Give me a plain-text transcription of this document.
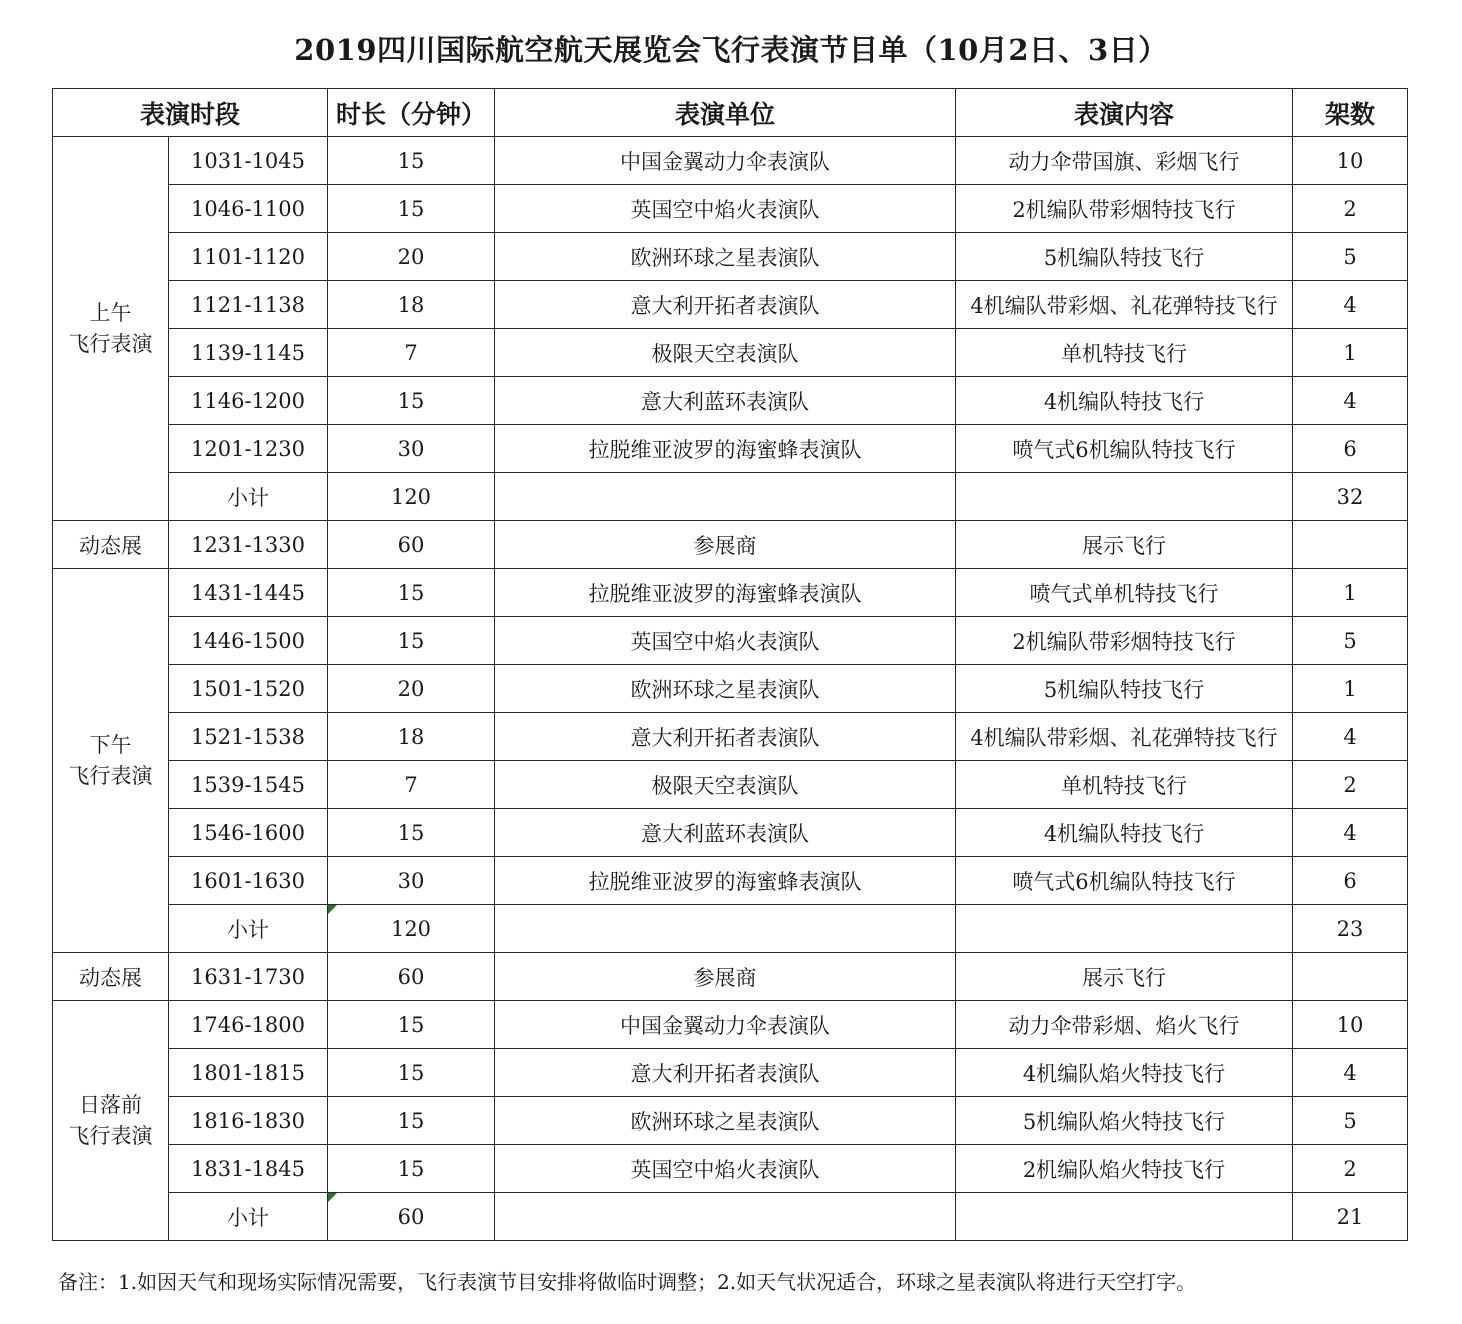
2019四川国际航空航天展览会飞行表演节目单（10月2日、3日）
表演时段		时长（分钟）	表演单位	表演内容	架数

上午
飞行表演	1031-1045	15	中国金翼动力伞表演队	动力伞带国旗、彩烟飞行	10
	1046-1100	15	英国空中焰火表演队	2机编队带彩烟特技飞行	2
	1101-1120	20	欧洲环球之星表演队	5机编队特技飞行	5
	1121-1138	18	意大利开拓者表演队	4机编队带彩烟、礼花弹特技飞行	4
	1139-1145	7	极限天空表演队	单机特技飞行	1
	1146-1200	15	意大利蓝环表演队	4机编队特技飞行	4
	1201-1230	30	拉脱维亚波罗的海蜜蜂表演队	喷气式6机编队特技飞行	6
	小计	120			32
动态展	1231-1330	60	参展商	展示飞行	

下午
飞行表演	1431-1445	15	拉脱维亚波罗的海蜜蜂表演队	喷气式单机特技飞行	1
	1446-1500	15	英国空中焰火表演队	2机编队带彩烟特技飞行	5
	1501-1520	20	欧洲环球之星表演队	5机编队特技飞行	1
	1521-1538	18	意大利开拓者表演队	4机编队带彩烟、礼花弹特技飞行	4
	1539-1545	7	极限天空表演队	单机特技飞行	2
	1546-1600	15	意大利蓝环表演队	4机编队特技飞行	4
	1601-1630	30	拉脱维亚波罗的海蜜蜂表演队	喷气式6机编队特技飞行	6
	小计	120			23
动态展	1631-1730	60	参展商	展示飞行	

日落前
飞行表演	1746-1800	15	中国金翼动力伞表演队	动力伞带彩烟、焰火飞行	10
	1801-1815	15	意大利开拓者表演队	4机编队焰火特技飞行	4
	1816-1830	15	欧洲环球之星表演队	5机编队焰火特技飞行	5
	1831-1845	15	英国空中焰火表演队	2机编队焰火特技飞行	2
	小计	60			21
备注：1.如因天气和现场实际情况需要，飞行表演节目安排将做临时调整；2.如天气状况适合，环球之星表演队将进行天空打字。
